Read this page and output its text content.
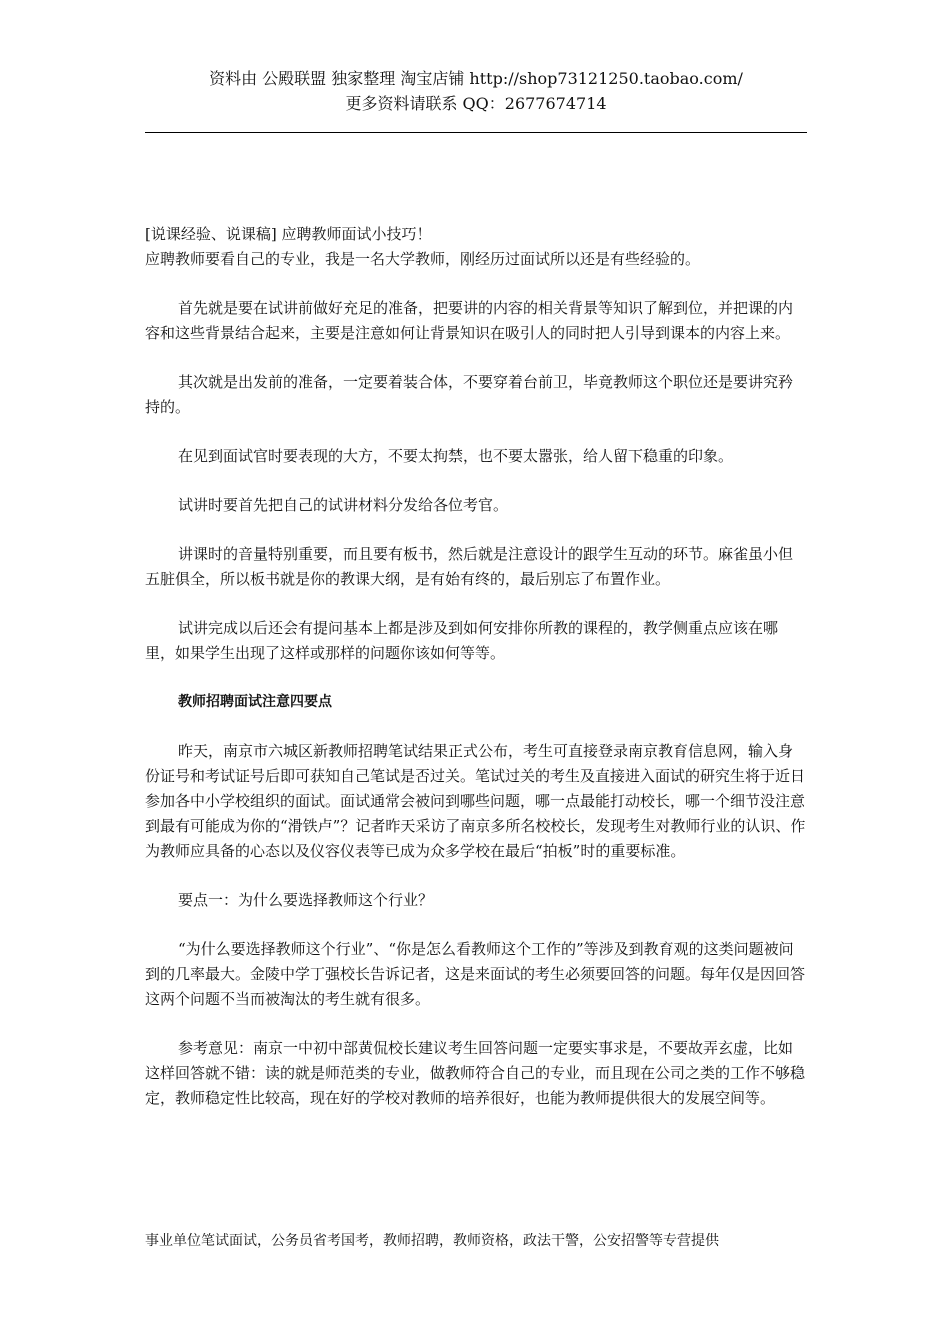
资料由 公殿联盟 独家整理 淘宝店铺 http://shop73121250.taobao.com/
更多资料请联系 QQ：2677674714

[说课经验、说课稿] 应聘教师面试小技巧！

应聘教师要看自己的专业，我是一名大学教师，刚经历过面试所以还是有些经验的。

首先就是要在试讲前做好充足的准备，把要讲的内容的相关背景等知识了解到位，并把课的内容和这些背景结合起来，主要是注意如何让背景知识在吸引人的同时把人引导到课本的内容上来。

其次就是出发前的准备，一定要着装合体，不要穿着台前卫，毕竟教师这个职位还是要讲究矜持的。

在见到面试官时要表现的大方，不要太拘禁，也不要太嚣张，给人留下稳重的印象。

试讲时要首先把自己的试讲材料分发给各位考官。

讲课时的音量特别重要，而且要有板书，然后就是注意设计的跟学生互动的环节。麻雀虽小但五脏俱全，所以板书就是你的教课大纲，是有始有终的，最后别忘了布置作业。

试讲完成以后还会有提问基本上都是涉及到如何安排你所教的课程的，教学侧重点应该在哪里，如果学生出现了这样或那样的问题你该如何等等。

教师招聘面试注意四要点

昨天，南京市六城区新教师招聘笔试结果正式公布，考生可直接登录南京教育信息网，输入身份证号和考试证号后即可获知自己笔试是否过关。笔试过关的考生及直接进入面试的研究生将于近日参加各中小学校组织的面试。面试通常会被问到哪些问题，哪一点最能打动校长，哪一个细节没注意到最有可能成为你的“滑铁卢”？记者昨天采访了南京多所名校校长，发现考生对教师行业的认识、作为教师应具备的心态以及仪容仪表等已成为众多学校在最后“拍板”时的重要标准。

要点一：为什么要选择教师这个行业？

“为什么要选择教师这个行业”、“你是怎么看教师这个工作的”等涉及到教育观的这类问题被问到的几率最大。金陵中学丁强校长告诉记者，这是来面试的考生必须要回答的问题。每年仅是因回答这两个问题不当而被淘汰的考生就有很多。

参考意见：南京一中初中部黄侃校长建议考生回答问题一定要实事求是，不要故弄玄虚，比如这样回答就不错：读的就是师范类的专业，做教师符合自己的专业，而且现在公司之类的工作不够稳定，教师稳定性比较高，现在好的学校对教师的培养很好，也能为教师提供很大的发展空间等。

事业单位笔试面试，公务员省考国考，教师招聘，教师资格，政法干警，公安招警等专营提供
